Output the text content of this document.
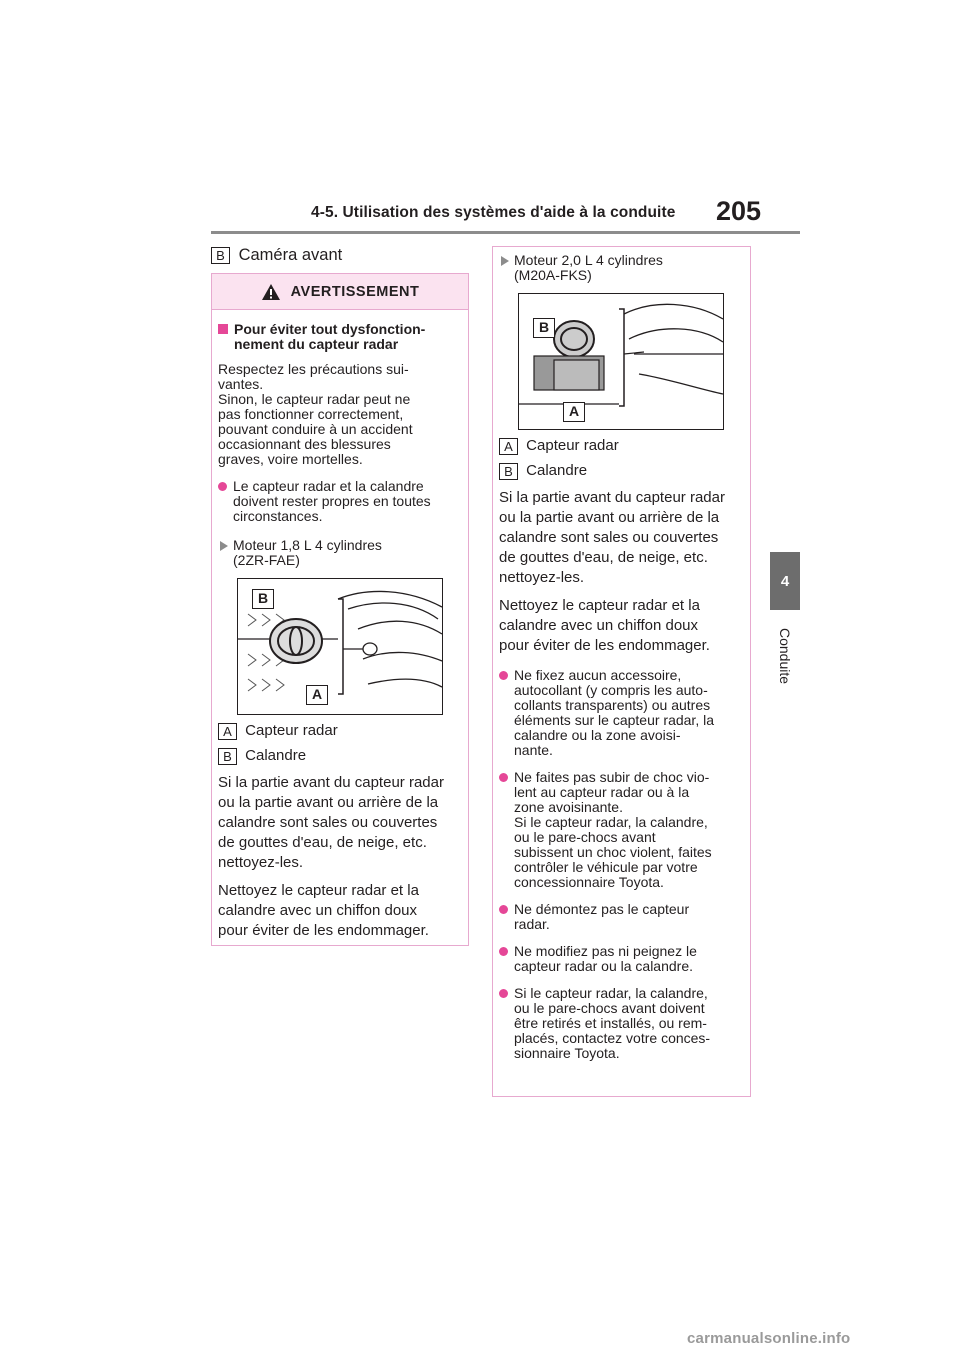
4-5. Utilisation des systèmes d'aide à la conduite 205
4
Conduite
B Caméra avant
AVERTISSEMENT
Pour éviter tout dysfonction-
nement du capteur radar
Respectez les précautions sui-
vantes.
Sinon, le capteur radar peut ne
pas fonctionner correctement,
pouvant conduire à un accident
occasionnant des blessures
graves, voire mortelles.
Le capteur radar et la calandre
doivent rester propres en toutes
circonstances.
Moteur 1,8 L 4 cylindres
(2ZR-FAE)
B
A
A Capteur radar
B Calandre
Si la partie avant du capteur radar
ou la partie avant ou arrière de la
calandre sont sales ou couvertes
de gouttes d'eau, de neige, etc.
nettoyez-les.
Nettoyez le capteur radar et la
calandre avec un chiffon doux
pour éviter de les endommager.
Moteur 2,0 L 4 cylindres
(M20A-FKS)
B
A
A Capteur radar
B Calandre
Si la partie avant du capteur radar
ou la partie avant ou arrière de la
calandre sont sales ou couvertes
de gouttes d'eau, de neige, etc.
nettoyez-les.
Nettoyez le capteur radar et la
calandre avec un chiffon doux
pour éviter de les endommager.
Ne fixez aucun accessoire,
autocollant (y compris les auto-
collants transparents) ou autres
éléments sur le capteur radar, la
calandre ou la zone avoisi-
nante.
Ne faites pas subir de choc vio-
lent au capteur radar ou à la
zone avoisinante.
Si le capteur radar, la calandre,
ou le pare-chocs avant
subissent un choc violent, faites
contrôler le véhicule par votre
concessionnaire Toyota.
Ne démontez pas le capteur
radar.
Ne modifiez pas ni peignez le
capteur radar ou la calandre.
Si le capteur radar, la calandre,
ou le pare-chocs avant doivent
être retirés et installés, ou rem-
placés, contactez votre conces-
sionnaire Toyota.
carmanualsonline.info
